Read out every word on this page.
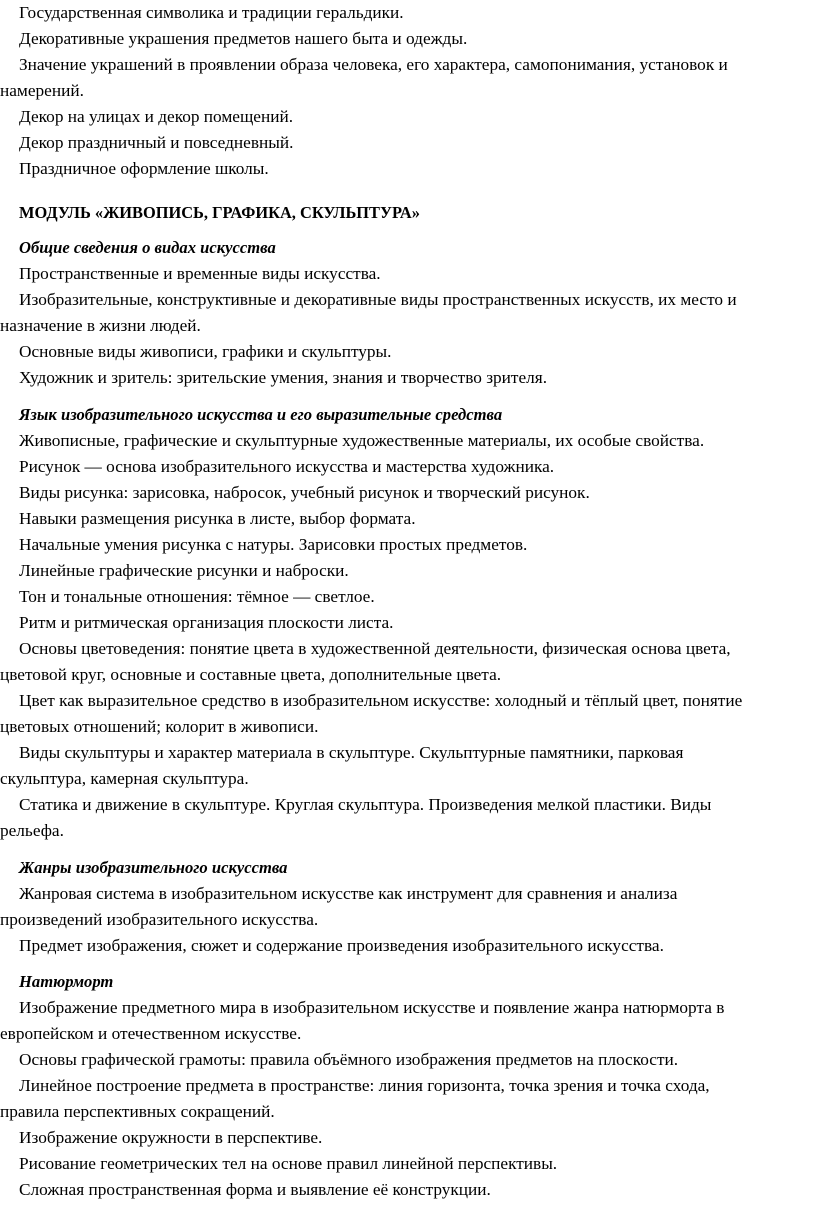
Государственная символика и традиции геральдики.
Декоративные украшения предметов нашего быта и одежды.
Значение украшений в проявлении образа человека, его характера, самопонимания, установок и
намерений.
Декор на улицах и декор помещений.
Декор праздничный и повседневный.
Праздничное оформление школы.
МОДУЛЬ «ЖИВОПИСЬ, ГРАФИКА, СКУЛЬПТУРА»
Общие сведения о видах искусства
Пространственные и временные виды искусства.
Изобразительные, конструктивные и декоративные виды пространственных искусств, их место и
назначение в жизни людей.
Основные виды живописи, графики и скульптуры.
Художник и зритель: зрительские умения, знания и творчество зрителя.
Язык изобразительного искусства и его выразительные средства
Живописные, графические и скульптурные художественные материалы, их особые свойства.
Рисунок — основа изобразительного искусства и мастерства художника.
Виды рисунка: зарисовка, набросок, учебный рисунок и творческий рисунок.
Навыки размещения рисунка в листе, выбор формата.
Начальные умения рисунка с натуры. Зарисовки простых предметов.
Линейные графические рисунки и наброски.
Тон и тональные отношения: тёмное — светлое.
Ритм и ритмическая организация плоскости листа.
Основы цветоведения: понятие цвета в художественной деятельности, физическая основа цвета,
цветовой круг, основные и составные цвета, дополнительные цвета.
Цвет как выразительное средство в изобразительном искусстве: холодный и тёплый цвет, понятие
цветовых отношений; колорит в живописи.
Виды скульптуры и характер материала в скульптуре. Скульптурные памятники, парковая
скульптура, камерная скульптура.
Статика и движение в скульптуре. Круглая скульптура. Произведения мелкой пластики. Виды
рельефа.
Жанры изобразительного искусства
Жанровая система в изобразительном искусстве как инструмент для сравнения и анализа
произведений изобразительного искусства.
Предмет изображения, сюжет и содержание произведения изобразительного искусства.
Натюрморт
Изображение предметного мира в изобразительном искусстве и появление жанра натюрморта в
европейском и отечественном искусстве.
Основы графической грамоты: правила объёмного изображения предметов на плоскости.
Линейное построение предмета в пространстве: линия горизонта, точка зрения и точка схода,
правила перспективных сокращений.
Изображение окружности в перспективе.
Рисование геометрических тел на основе правил линейной перспективы.
Сложная пространственная форма и выявление её конструкции.
